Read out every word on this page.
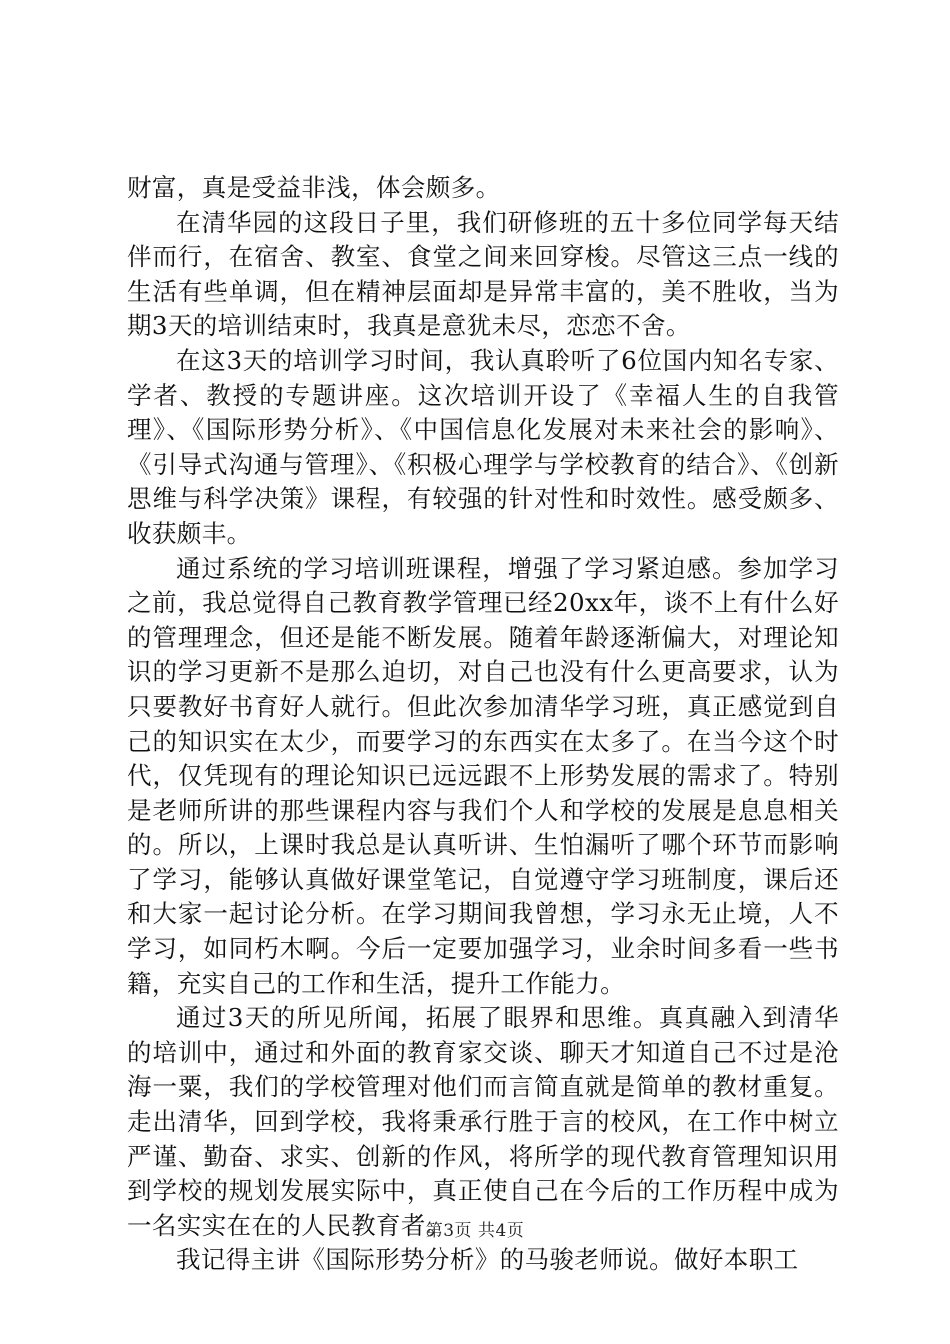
财富，真是受益非浅，体会颇多。

在清华园的这段日子里，我们研修班的五十多位同学每天结伴而行，在宿舍、教室、食堂之间来回穿梭。尽管这三点一线的生活有些单调，但在精神层面却是异常丰富的，美不胜收，当为期3天的培训结束时，我真是意犹未尽，恋恋不舍。

在这3天的培训学习时间，我认真聆听了6位国内知名专家、学者、教授的专题讲座。这次培训开设了《幸福人生的自我管理》、《国际形势分析》、《中国信息化发展对未来社会的影响》、《引导式沟通与管理》、《积极心理学与学校教育的结合》、《创新思维与科学决策》课程，有较强的针对性和时效性。感受颇多、收获颇丰。

通过系统的学习培训班课程，增强了学习紧迫感。参加学习之前，我总觉得自己教育教学管理已经20xx年，谈不上有什么好的管理理念，但还是能不断发展。随着年龄逐渐偏大，对理论知识的学习更新不是那么迫切，对自己也没有什么更高要求，认为只要教好书育好人就行。但此次参加清华学习班，真正感觉到自己的知识实在太少，而要学习的东西实在太多了。在当今这个时代，仅凭现有的理论知识已远远跟不上形势发展的需求了。特别是老师所讲的那些课程内容与我们个人和学校的发展是息息相关的。所以，上课时我总是认真听讲、生怕漏听了哪个环节而影响了学习，能够认真做好课堂笔记，自觉遵守学习班制度，课后还和大家一起讨论分析。在学习期间我曾想，学习永无止境，人不学习，如同朽木啊。今后一定要加强学习，业余时间多看一些书籍，充实自己的工作和生活，提升工作能力。

通过3天的所见所闻，拓展了眼界和思维。真真融入到清华的培训中，通过和外面的教育家交谈、聊天才知道自己不过是沧海一粟，我们的学校管理对他们而言简直就是简单的教材重复。走出清华，回到学校，我将秉承行胜于言的校风，在工作中树立严谨、勤奋、求实、创新的作风，将所学的现代教育管理知识用到学校的规划发展实际中，真正使自己在今后的工作历程中成为一名实实在在的人民教育者。

我记得主讲《国际形势分析》的马骏老师说。做好本职工

第3页 共4页
